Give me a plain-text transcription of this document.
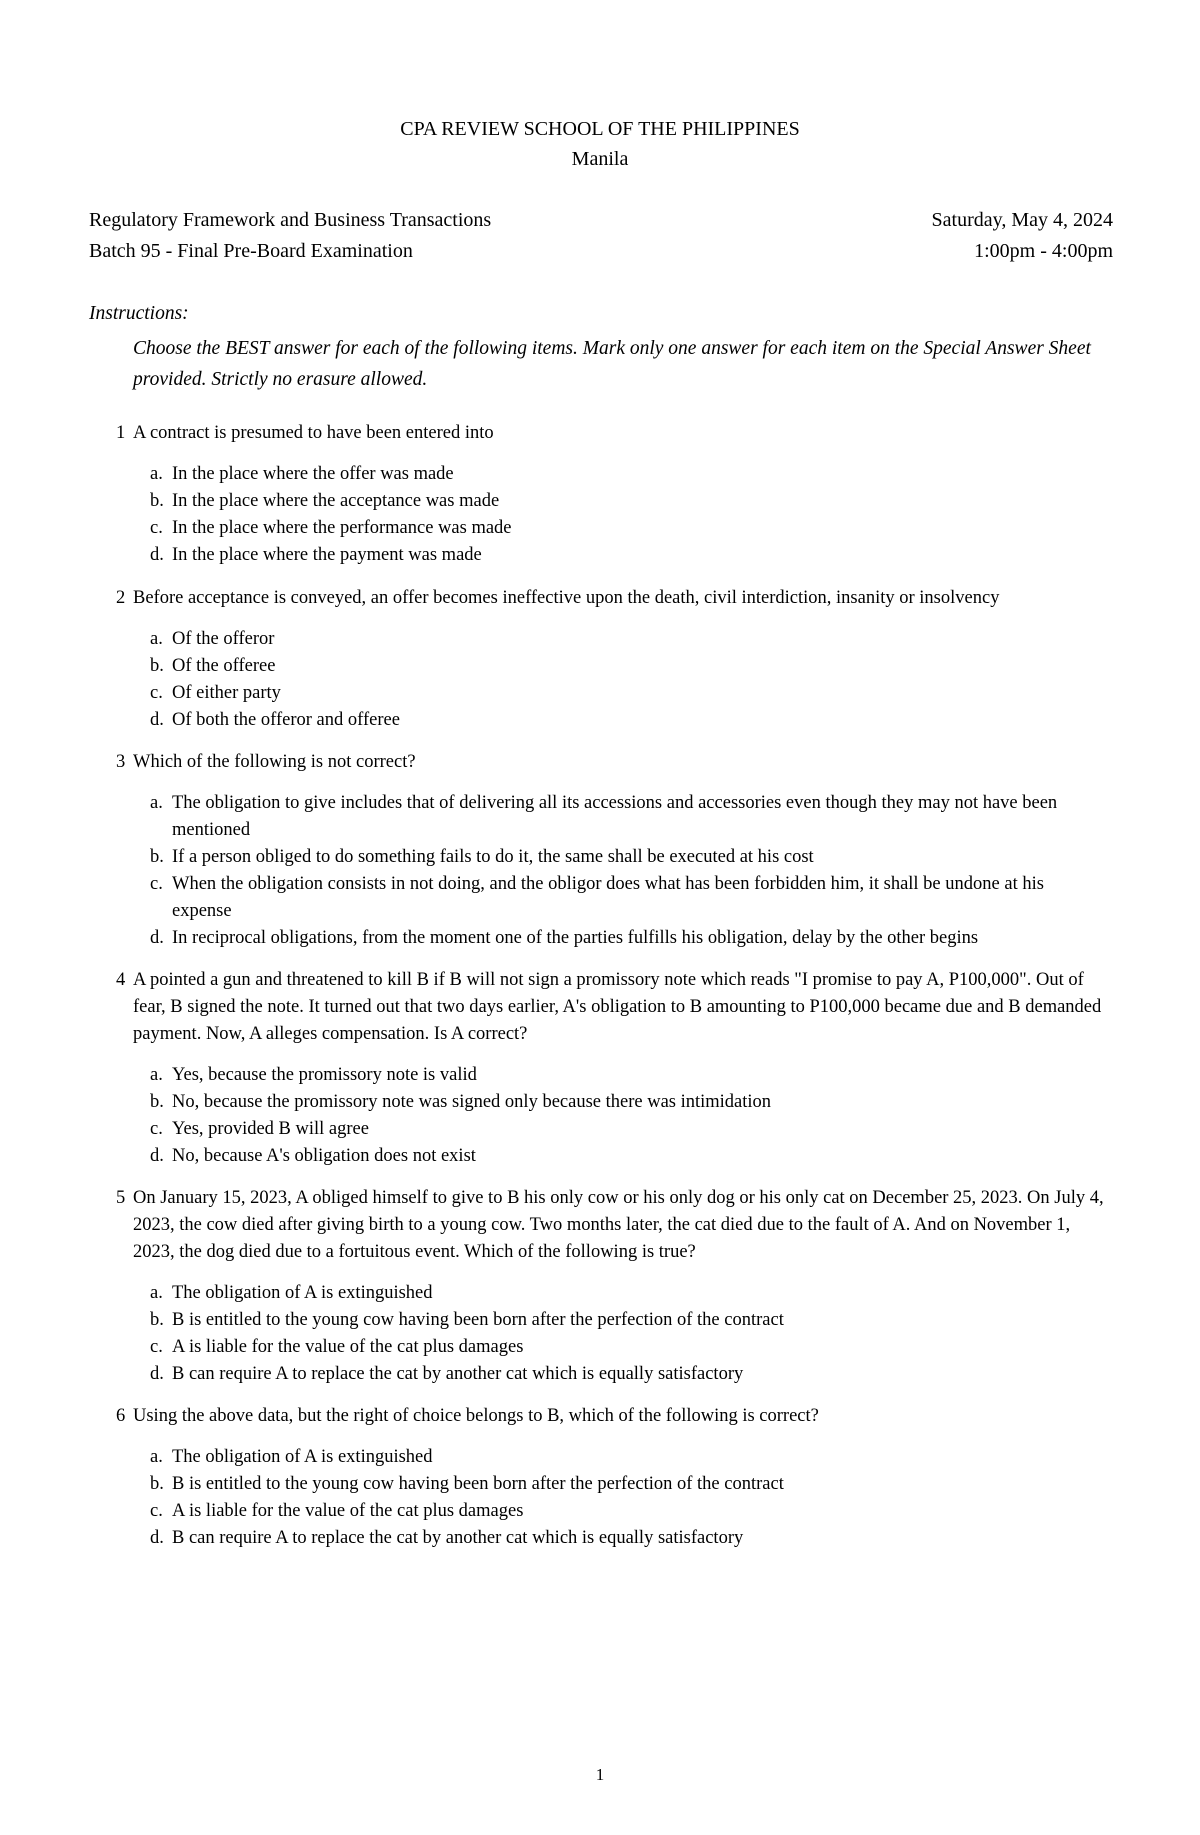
CPA REVIEW SCHOOL OF THE PHILIPPINES
Manila
Regulatory Framework and Business Transactions
Batch 95 - Final Pre-Board Examination
Saturday, May 4, 2024
1:00pm - 4:00pm
Instructions:
Choose the BEST answer for each of the following items. Mark only one answer for each item on the Special Answer Sheet provided. Strictly no erasure allowed.
1 A contract is presumed to have been entered into
a. In the place where the offer was made
b. In the place where the acceptance was made
c. In the place where the performance was made
d. In the place where the payment was made
2 Before acceptance is conveyed, an offer becomes ineffective upon the death, civil interdiction, insanity or insolvency
a. Of the offeror
b. Of the offeree
c. Of either party
d. Of both the offeror and offeree
3 Which of the following is not correct?
a. The obligation to give includes that of delivering all its accessions and accessories even though they may not have been mentioned
b. If a person obliged to do something fails to do it, the same shall be executed at his cost
c. When the obligation consists in not doing, and the obligor does what has been forbidden him, it shall be undone at his expense
d. In reciprocal obligations, from the moment one of the parties fulfills his obligation, delay by the other begins
4 A pointed a gun and threatened to kill B if B will not sign a promissory note which reads "I promise to pay A, P100,000". Out of fear, B signed the note. It turned out that two days earlier, A's obligation to B amounting to P100,000 became due and B demanded payment. Now, A alleges compensation. Is A correct?
a. Yes, because the promissory note is valid
b. No, because the promissory note was signed only because there was intimidation
c. Yes, provided B will agree
d. No, because A's obligation does not exist
5 On January 15, 2023, A obliged himself to give to B his only cow or his only dog or his only cat on December 25, 2023. On July 4, 2023, the cow died after giving birth to a young cow. Two months later, the cat died due to the fault of A. And on November 1, 2023, the dog died due to a fortuitous event. Which of the following is true?
a. The obligation of A is extinguished
b. B is entitled to the young cow having been born after the perfection of the contract
c. A is liable for the value of the cat plus damages
d. B can require A to replace the cat by another cat which is equally satisfactory
6 Using the above data, but the right of choice belongs to B, which of the following is correct?
a. The obligation of A is extinguished
b. B is entitled to the young cow having been born after the perfection of the contract
c. A is liable for the value of the cat plus damages
d. B can require A to replace the cat by another cat which is equally satisfactory
1
